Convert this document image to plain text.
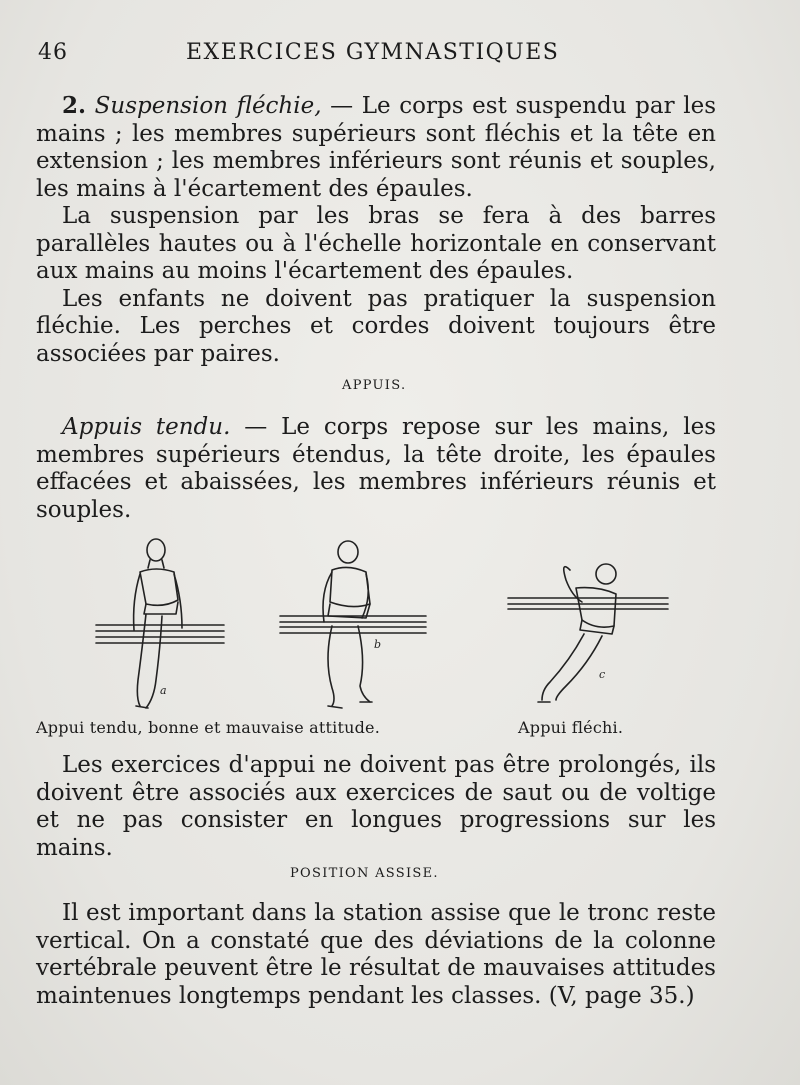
46	EXERCICES GYMNASTIQUES

2. Suspension fléchie, — Le corps est suspendu par les mains ; les membres supérieurs sont fléchis et la tête en extension ; les membres inférieurs sont réunis et souples, les mains à l'écartement des épaules.

La suspension par les bras se fera à des barres parallèles hautes ou à l'échelle horizontale en conservant aux mains au moins l'écartement des épaules.

Les enfants ne doivent pas pratiquer la suspension fléchie. Les perches et cordes doivent toujours être associées par paires.

APPUIS.

Appuis tendu. — Le corps repose sur les mains, les membres supérieurs étendus, la tête droite, les épaules effacées et abaissées, les membres inférieurs réunis et souples.

a
b
c
Appui tendu, bonne et mauvaise attitude.	Appui fléchi.

Les exercices d'appui ne doivent pas être prolongés, ils doivent être associés aux exercices de saut ou de voltige et ne pas consister en longues progressions sur les mains.

POSITION ASSISE.

Il est important dans la station assise que le tronc reste vertical. On a constaté que des déviations de la colonne vertébrale peuvent être le résultat de mauvaises attitudes maintenues longtemps pendant les classes. (V, page 35.)
